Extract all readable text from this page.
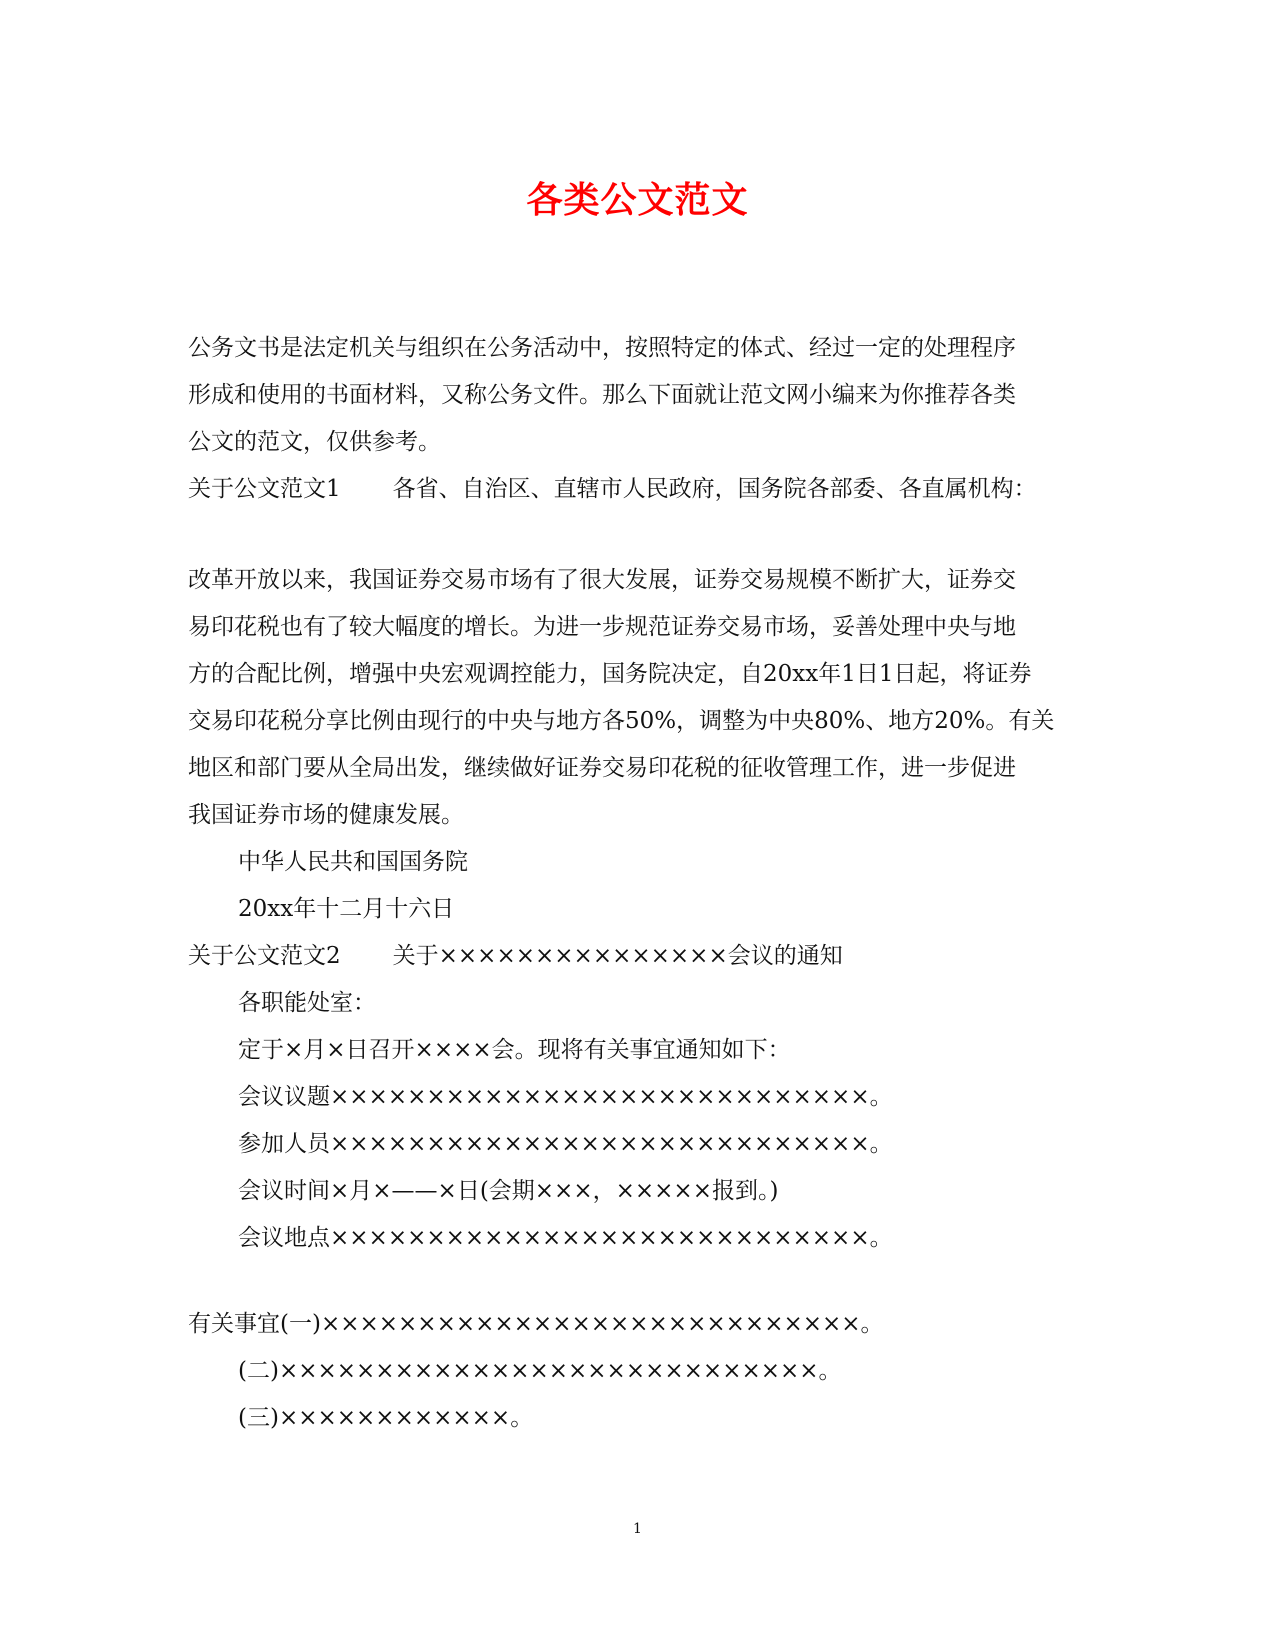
各类公文范文
公务文书是法定机关与组织在公务活动中，按照特定的体式、经过一定的处理程序
形成和使用的书面材料，又称公务文件。那么下面就让范文网小编来为你推荐各类
公文的范文，仅供参考。
关于公文范文1 各省、自治区、直辖市人民政府，国务院各部委、各直属机构：
改革开放以来，我国证券交易市场有了很大发展，证券交易规模不断扩大，证券交
易印花税也有了较大幅度的增长。为进一步规范证券交易市场，妥善处理中央与地
方的合配比例，增强中央宏观调控能力，国务院决定，自20xx年1日1日起，将证券
交易印花税分享比例由现行的中央与地方各50%，调整为中央80%、地方20%。有关
地区和部门要从全局出发，继续做好证券交易印花税的征收管理工作，进一步促进
我国证券市场的健康发展。
中华人民共和国国务院
20xx年十二月十六日
关于公文范文2 关于×××××××××××××××会议的通知
各职能处室：
定于×月×日召开××××会。现将有关事宜通知如下：
会议议题××××××××××××××××××××××××××××。
参加人员××××××××××××××××××××××××××××。
会议时间×月×——×日(会期×××，×××××报到。)
会议地点××××××××××××××××××××××××××××。
有关事宜(一)××××××××××××××××××××××××××××。
(二)××××××××××××××××××××××××××××。
(三)××××××××××××。
1
